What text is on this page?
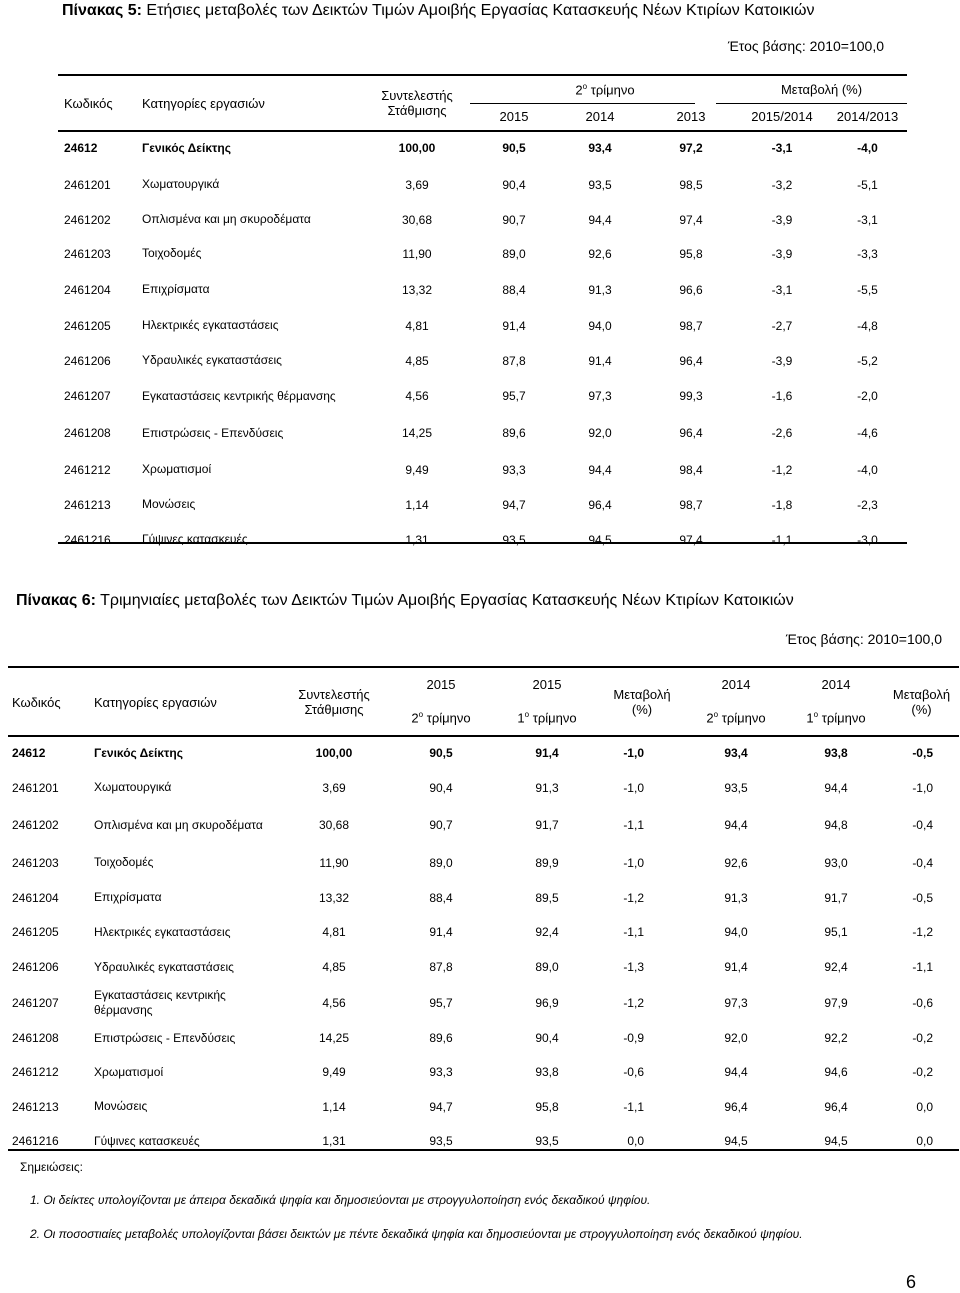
Πίνακας 5: Ετήσιες μεταβολές των Δεικτών Τιμών Αμοιβής Εργασίας Κατασκευής Νέων Κτιρίων Κατοικιών
Έτος βάσης: 2010=100,0
Κωδικός	Κατηγορίες εργασιών	Συντελεστής
Στάθμισης	$2^o$ τρίμηνο			Μεταβολή (%)	
			2015	2014	2013	2015/2014	2014/2013
24612	Γενικός Δείκτης	100,00	90,5	93,4	97,2	-3,1	-4,0
2461201	Χωματουργικά	3,69	90,4	93,5	98,5	-3,2	-5,1
2461202	Οπλισμένα και μη σκυροδέματα	30,68	90,7	94,4	97,4	-3,9	-3,1
2461203	Τοιχοδομές	11,90	89,0	92,6	95,8	-3,9	-3,3
2461204	Επιχρίσματα	13,32	88,4	91,3	96,6	-3,1	-5,5
2461205	Ηλεκτρικές εγκαταστάσεις	4,81	91,4	94,0	98,7	-2,7	-4,8
2461206	Υδραυλικές εγκαταστάσεις	4,85	87,8	91,4	96,4	-3,9	-5,2
2461207	Εγκαταστάσεις κεντρικής θέρμανσης	4,56	95,7	97,3	99,3	-1,6	-2,0
2461208	Επιστρώσεις - Επενδύσεις	14,25	89,6	92,0	96,4	-2,6	-4,6
2461212	Χρωματισμοί	9,49	93,3	94,4	98,4	-1,2	-4,0
2461213	Μονώσεις	1,14	94,7	96,4	98,7	-1,8	-2,3
2461216	Γύψινες κατασκευές	1,31	93,5	94,5	97,4	-1,1	-3,0
Πίνακας 6: Τριμηνιαίες μεταβολές των Δεικτών Τιμών Αμοιβής Εργασίας Κατασκευής Νέων Κτιρίων Κατοικιών
Έτος βάσης: 2010=100,0
Κωδικός	Κατηγορίες εργασιών	Συντελεστής
Στάθμισης	2015	2015	Μεταβολή
(%)	2014	2014	Μεταβολή
(%)
			$2^o$ τρίμηνο	$1^o$ τρίμηνο		$2^o$ τρίμηνο	$1^o$ τρίμηνο	
24612	Γενικός Δείκτης	100,00	90,5	91,4	-1,0	93,4	93,8	-0,5
2461201	Χωματουργικά	3,69	90,4	91,3	-1,0	93,5	94,4	-1,0
2461202	Οπλισμένα και μη σκυροδέματα	30,68	90,7	91,7	-1,1	94,4	94,8	-0,4
2461203	Τοιχοδομές	11,90	89,0	89,9	-1,0	92,6	93,0	-0,4
2461204	Επιχρίσματα	13,32	88,4	89,5	-1,2	91,3	91,7	-0,5
2461205	Ηλεκτρικές εγκαταστάσεις	4,81	91,4	92,4	-1,1	94,0	95,1	-1,2
2461206	Υδραυλικές εγκαταστάσεις	4,85	87,8	89,0	-1,3	91,4	92,4	-1,1
2461207	Εγκαταστάσεις κεντρικής θέρμανσης	4,56	95,7	96,9	-1,2	97,3	97,9	-0,6
2461208	Επιστρώσεις - Επενδύσεις	14,25	89,6	90,4	-0,9	92,0	92,2	-0,2
2461212	Χρωματισμοί	9,49	93,3	93,8	-0,6	94,4	94,6	-0,2
2461213	Μονώσεις	1,14	94,7	95,8	-1,1	96,4	96,4	0,0
2461216	Γύψινες κατασκευές	1,31	93,5	93,5	0,0	94,5	94,5	0,0
Σημειώσεις:
1. Οι δείκτες υπολογίζονται με άπειρα δεκαδικά ψηφία και δημοσιεύονται με στρογγυλοποίηση ενός δεκαδικού ψηφίου.
2. Οι ποσοστιαίες μεταβολές υπολογίζονται βάσει δεικτών με πέντε δεκαδικά ψηφία και δημοσιεύονται με στρογγυλοποίηση ενός δεκαδικού ψηφίου.
6
